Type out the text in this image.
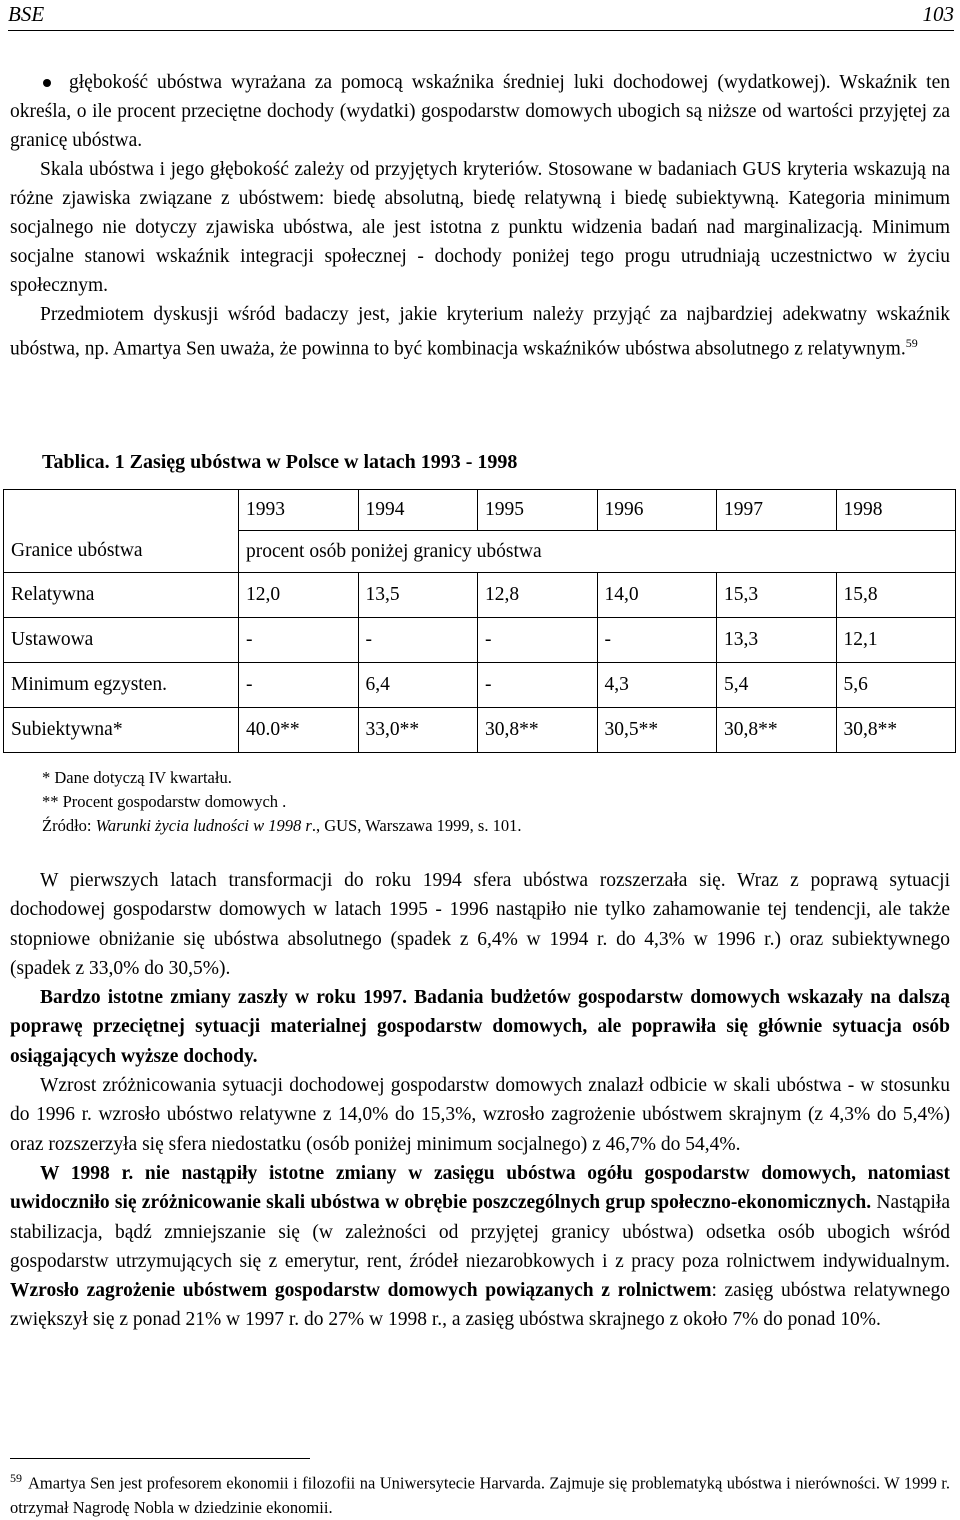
BSE	103
głębokość ubóstwa wyrażana za pomocą wskaźnika średniej luki dochodowej (wydatkowej). Wskaźnik ten określa, o ile procent przeciętne dochody (wydatki) gospodarstw domowych ubogich są niższe od wartości przyjętej za granicę ubóstwa.

Skala ubóstwa i jego głębokość zależy od przyjętych kryteriów. Stosowane w badaniach GUS kryteria wskazują na różne zjawiska związane z ubóstwem: biedę absolutną, biedę relatywną i biedę subiektywną. Kategoria minimum socjalnego nie dotyczy zjawiska ubóstwa, ale jest istotna z punktu widzenia badań nad marginalizacją. Minimum socjalne stanowi wskaźnik integracji społecznej - dochody poniżej tego progu utrudniają uczestnictwo w życiu społecznym.

Przedmiotem dyskusji wśród badaczy jest, jakie kryterium należy przyjąć za najbardziej adekwatny wskaźnik ubóstwa, np. Amartya Sen uważa, że powinna to być kombinacja wskaźników ubóstwa absolutnego z relatywnym.$^{59}$

Tablica. 1 Zasięg ubóstwa w Polsce w latach 1993 - 1998
	1993	1994	1995	1996	1997	1998
Granice ubóstwa	procent osób poniżej granicy ubóstwa					
Relatywna	12,0	13,5	12,8	14,0	15,3	15,8
Ustawowa	-	-	-	-	13,3	12,1
Minimum egzysten.	-	6,4	-	4,3	5,4	5,6
Subiektywna*	40.0**	33,0**	30,8**	30,5**	30,8**	30,8**
* Dane dotyczą IV kwartału.
** Procent gospodarstw domowych .
Źródło: Warunki życia ludności w 1998 r., GUS, Warszawa 1999, s. 101.

W pierwszych latach transformacji do roku 1994 sfera ubóstwa rozszerzała się. Wraz z poprawą sytuacji dochodowej gospodarstw domowych w latach 1995 - 1996 nastąpiło nie tylko zahamowanie tej tendencji, ale także stopniowe obniżanie się ubóstwa absolutnego (spadek z 6,4% w 1994 r. do 4,3% w 1996 r.) oraz subiektywnego (spadek z 33,0% do 30,5%).

Bardzo istotne zmiany zaszły w roku 1997. Badania budżetów gospodarstw domowych wskazały na dalszą poprawę przeciętnej sytuacji materialnej gospodarstw domowych, ale poprawiła się głównie sytuacja osób osiągających wyższe dochody.

Wzrost zróżnicowania sytuacji dochodowej gospodarstw domowych znalazł odbicie w skali ubóstwa - w stosunku do 1996 r. wzrosło ubóstwo relatywne z 14,0% do 15,3%, wzrosło zagrożenie ubóstwem skrajnym (z 4,3% do 5,4%) oraz rozszerzyła się sfera niedostatku (osób poniżej minimum socjalnego) z 46,7% do 54,4%.

W 1998 r. nie nastąpiły istotne zmiany w zasięgu ubóstwa ogółu gospodarstw domowych, natomiast uwidoczniło się zróżnicowanie skali ubóstwa w obrębie poszczególnych grup społeczno-ekonomicznych. Nastąpiła stabilizacja, bądź zmniejszanie się (w zależności od przyjętej granicy ubóstwa) odsetka osób ubogich wśród gospodarstw utrzymujących się z emerytur, rent, źródeł niezarobkowych i z pracy poza rolnictwem indywidualnym. Wzrosło zagrożenie ubóstwem gospodarstw domowych powiązanych z rolnictwem: zasięg ubóstwa relatywnego zwiększył się z ponad 21% w 1997 r. do 27% w 1998 r., a zasięg ubóstwa skrajnego z około 7% do ponad 10%.

$^{59}$ Amartya Sen jest profesorem ekonomii i filozofii na Uniwersytecie Harvarda. Zajmuje się problematyką ubóstwa i nierówności. W 1999 r. otrzymał Nagrodę Nobla w dziedzinie ekonomii.
